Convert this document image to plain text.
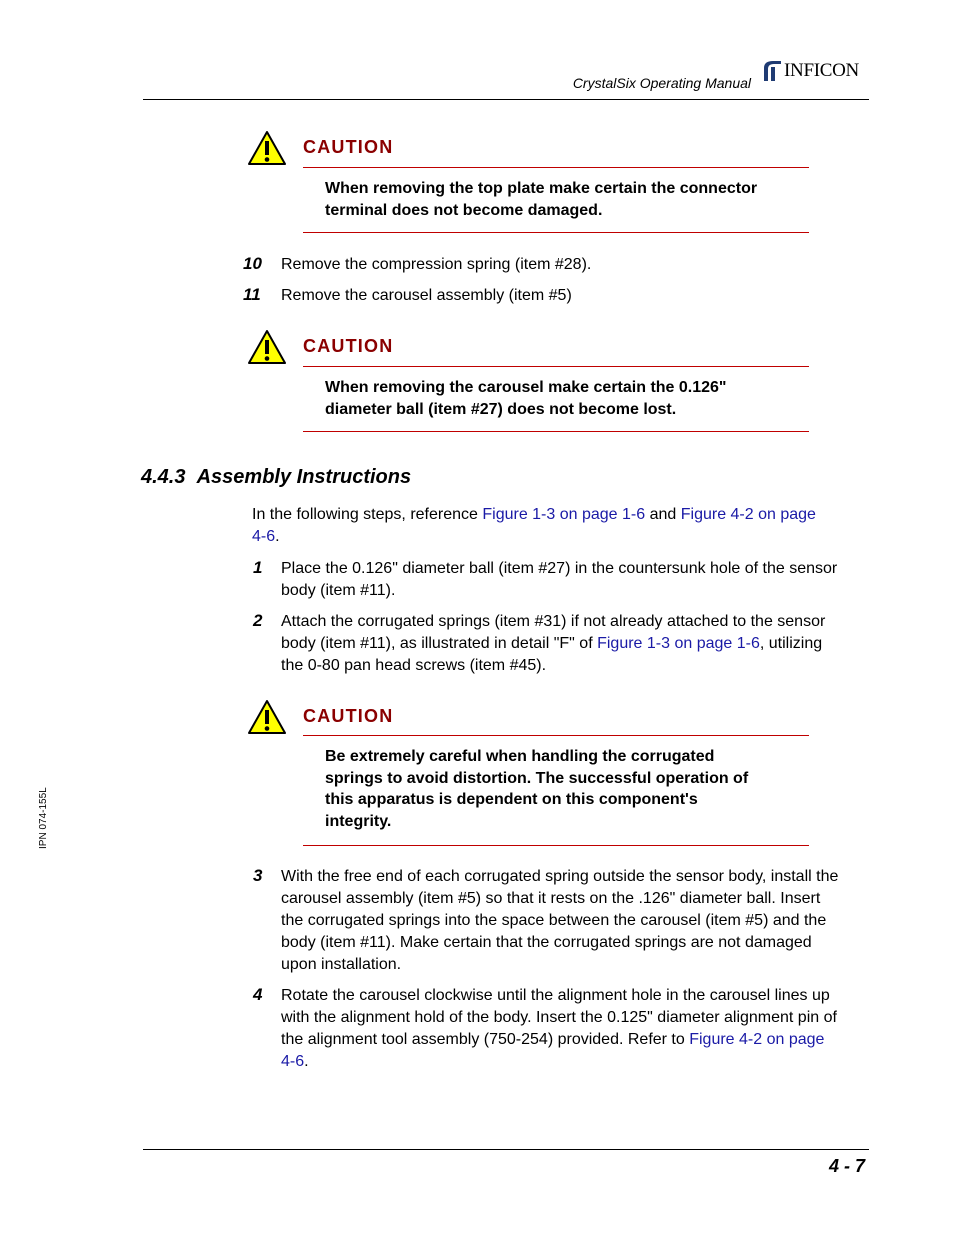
CrystalSix Operating Manual
INFICON
CAUTION
When removing the top plate make certain the connector
terminal does not become damaged.
10 Remove the compression spring (item #28).
11 Remove the carousel assembly (item #5)
CAUTION
When removing the carousel make certain the 0.126"
diameter ball (item #27) does not become lost.
4.4.3 Assembly Instructions
In the following steps, reference Figure 1-3 on page 1-6 and Figure 4-2 on page
4-6.
1 Place the 0.126" diameter ball (item #27) in the countersunk hole of the sensor
body (item #11).
2 Attach the corrugated springs (item #31) if not already attached to the sensor
body (item #11), as illustrated in detail "F" of Figure 1-3 on page 1-6, utilizing
the 0-80 pan head screws (item #45).
CAUTION
Be extremely careful when handling the corrugated
springs to avoid distortion. The successful operation of
this apparatus is dependent on this component's
integrity.
3 With the free end of each corrugated spring outside the sensor body, install the
carousel assembly (item #5) so that it rests on the .126" diameter ball. Insert
the corrugated springs into the space between the carousel (item #5) and the
body (item #11). Make certain that the corrugated springs are not damaged
upon installation.
4 Rotate the carousel clockwise until the alignment hole in the carousel lines up
with the alignment hold of the body. Insert the 0.125" diameter alignment pin of
the alignment tool assembly (750-254) provided. Refer to Figure 4-2 on page
4-6.
IPN 074-155L
4 - 7
